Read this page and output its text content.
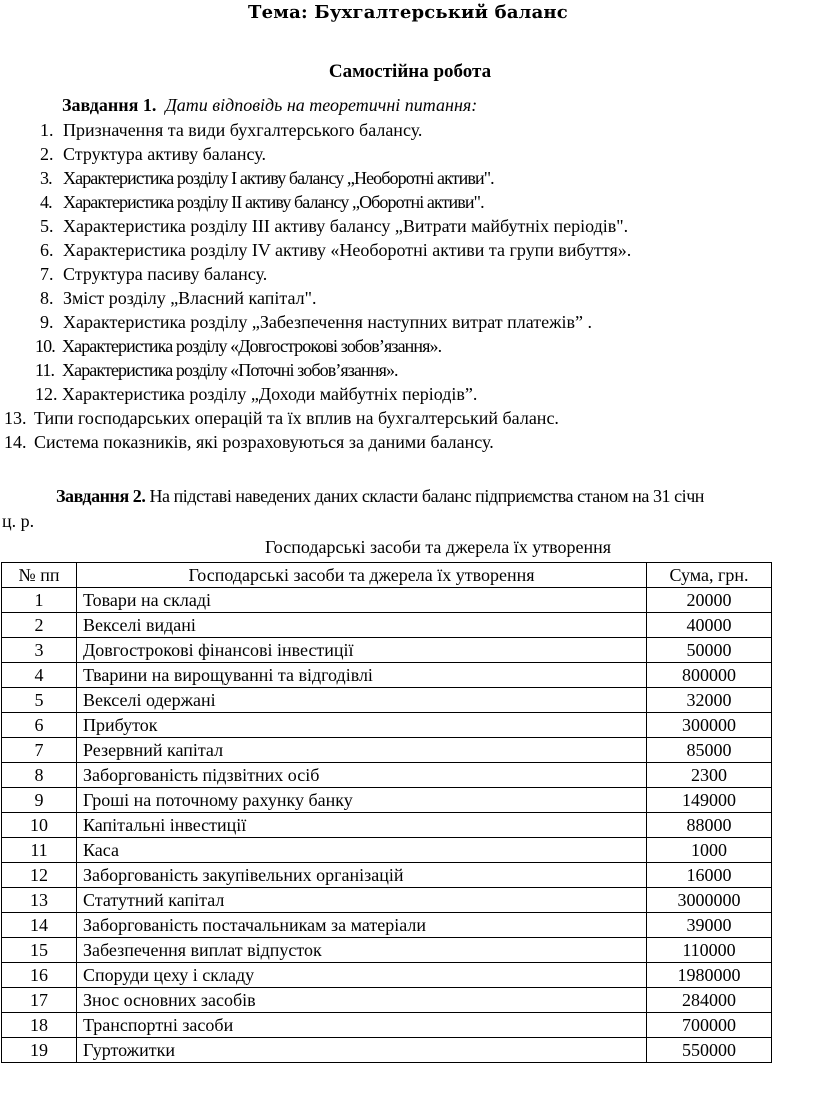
Тема: Бухгалтерський баланс
Самостійна робота
Завдання 1. Дати відповідь на теоретичні питання:
1. Призначення та види бухгалтерського балансу.
2. Структура активу балансу.
3. Характеристика розділу I активу балансу „Необоротні активи".
4. Характеристика розділу II активу балансу „Оборотні активи".
5. Характеристика розділу III активу балансу „Витрати майбутніх періодів".
6. Характеристика розділу IV активу «Необоротні активи та групи вибуття».
7. Структура пасиву балансу.
8. Зміст розділу „Власний капітал".
9. Характеристика розділу „Забезпечення наступних витрат платежів” .
10. Характеристика розділу «Довгострокові зобов’язання».
11. Характеристика розділу «Поточні зобов’язання».
12. Характеристика розділу „Доходи майбутніх періодів”.
13. Типи господарських операцій та їх вплив на бухгалтерський баланс.
14. Система показників, які розраховуються за даними балансу.
Завдання 2. На підставі наведених даних скласти баланс підприємства станом на 31 січн
ц. р.
Господарські засоби та джерела їх утворення
№ пп	Господарські засоби та джерела їх утворення	Сума, грн.
1	Товари на складі	20000
2	Векселі видані	40000
3	Довгострокові фінансові інвестиції	50000
4	Тварини на вирощуванні та відгодівлі	800000
5	Векселі одержані	32000
6	Прибуток	300000
7	Резервний капітал	85000
8	Заборгованість підзвітних осіб	2300
9	Гроші на поточному рахунку банку	149000
10	Капітальні інвестиції	88000
11	Каса	1000
12	Заборгованість закупівельних організацій	16000
13	Статутний капітал	3000000
14	Заборгованість постачальникам за матеріали	39000
15	Забезпечення виплат відпусток	110000
16	Споруди цеху і складу	1980000
17	Знос основних засобів	284000
18	Транспортні засоби	700000
19	Гуртожитки	550000
